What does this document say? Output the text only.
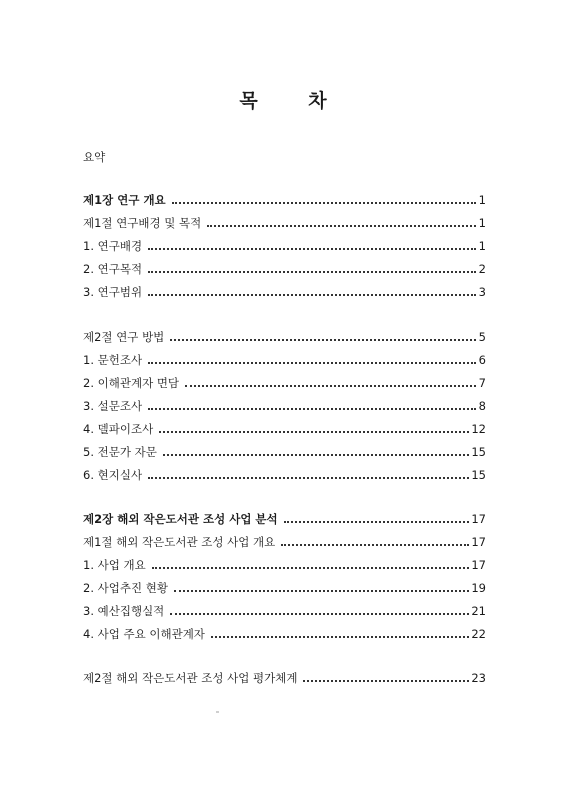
목 차
요약
제1장 연구 개요	1
제1절 연구배경 및 목적	1
1. 연구배경	1
2. 연구목적	2
3. 연구범위	3
제2절 연구 방법	5
1. 문헌조사	6
2. 이해관계자 면담	7
3. 설문조사	8
4. 델파이조사	12
5. 전문가 자문	15
6. 현지실사	15
제2장 해외 작은도서관 조성 사업 분석	17
제1절 해외 작은도서관 조성 사업 개요	17
1. 사업 개요	17
2. 사업추진 현황	19
3. 예산집행실적	21
4. 사업 주요 이해관계자	22
제2절 해외 작은도서관 조성 사업 평가체계	23
